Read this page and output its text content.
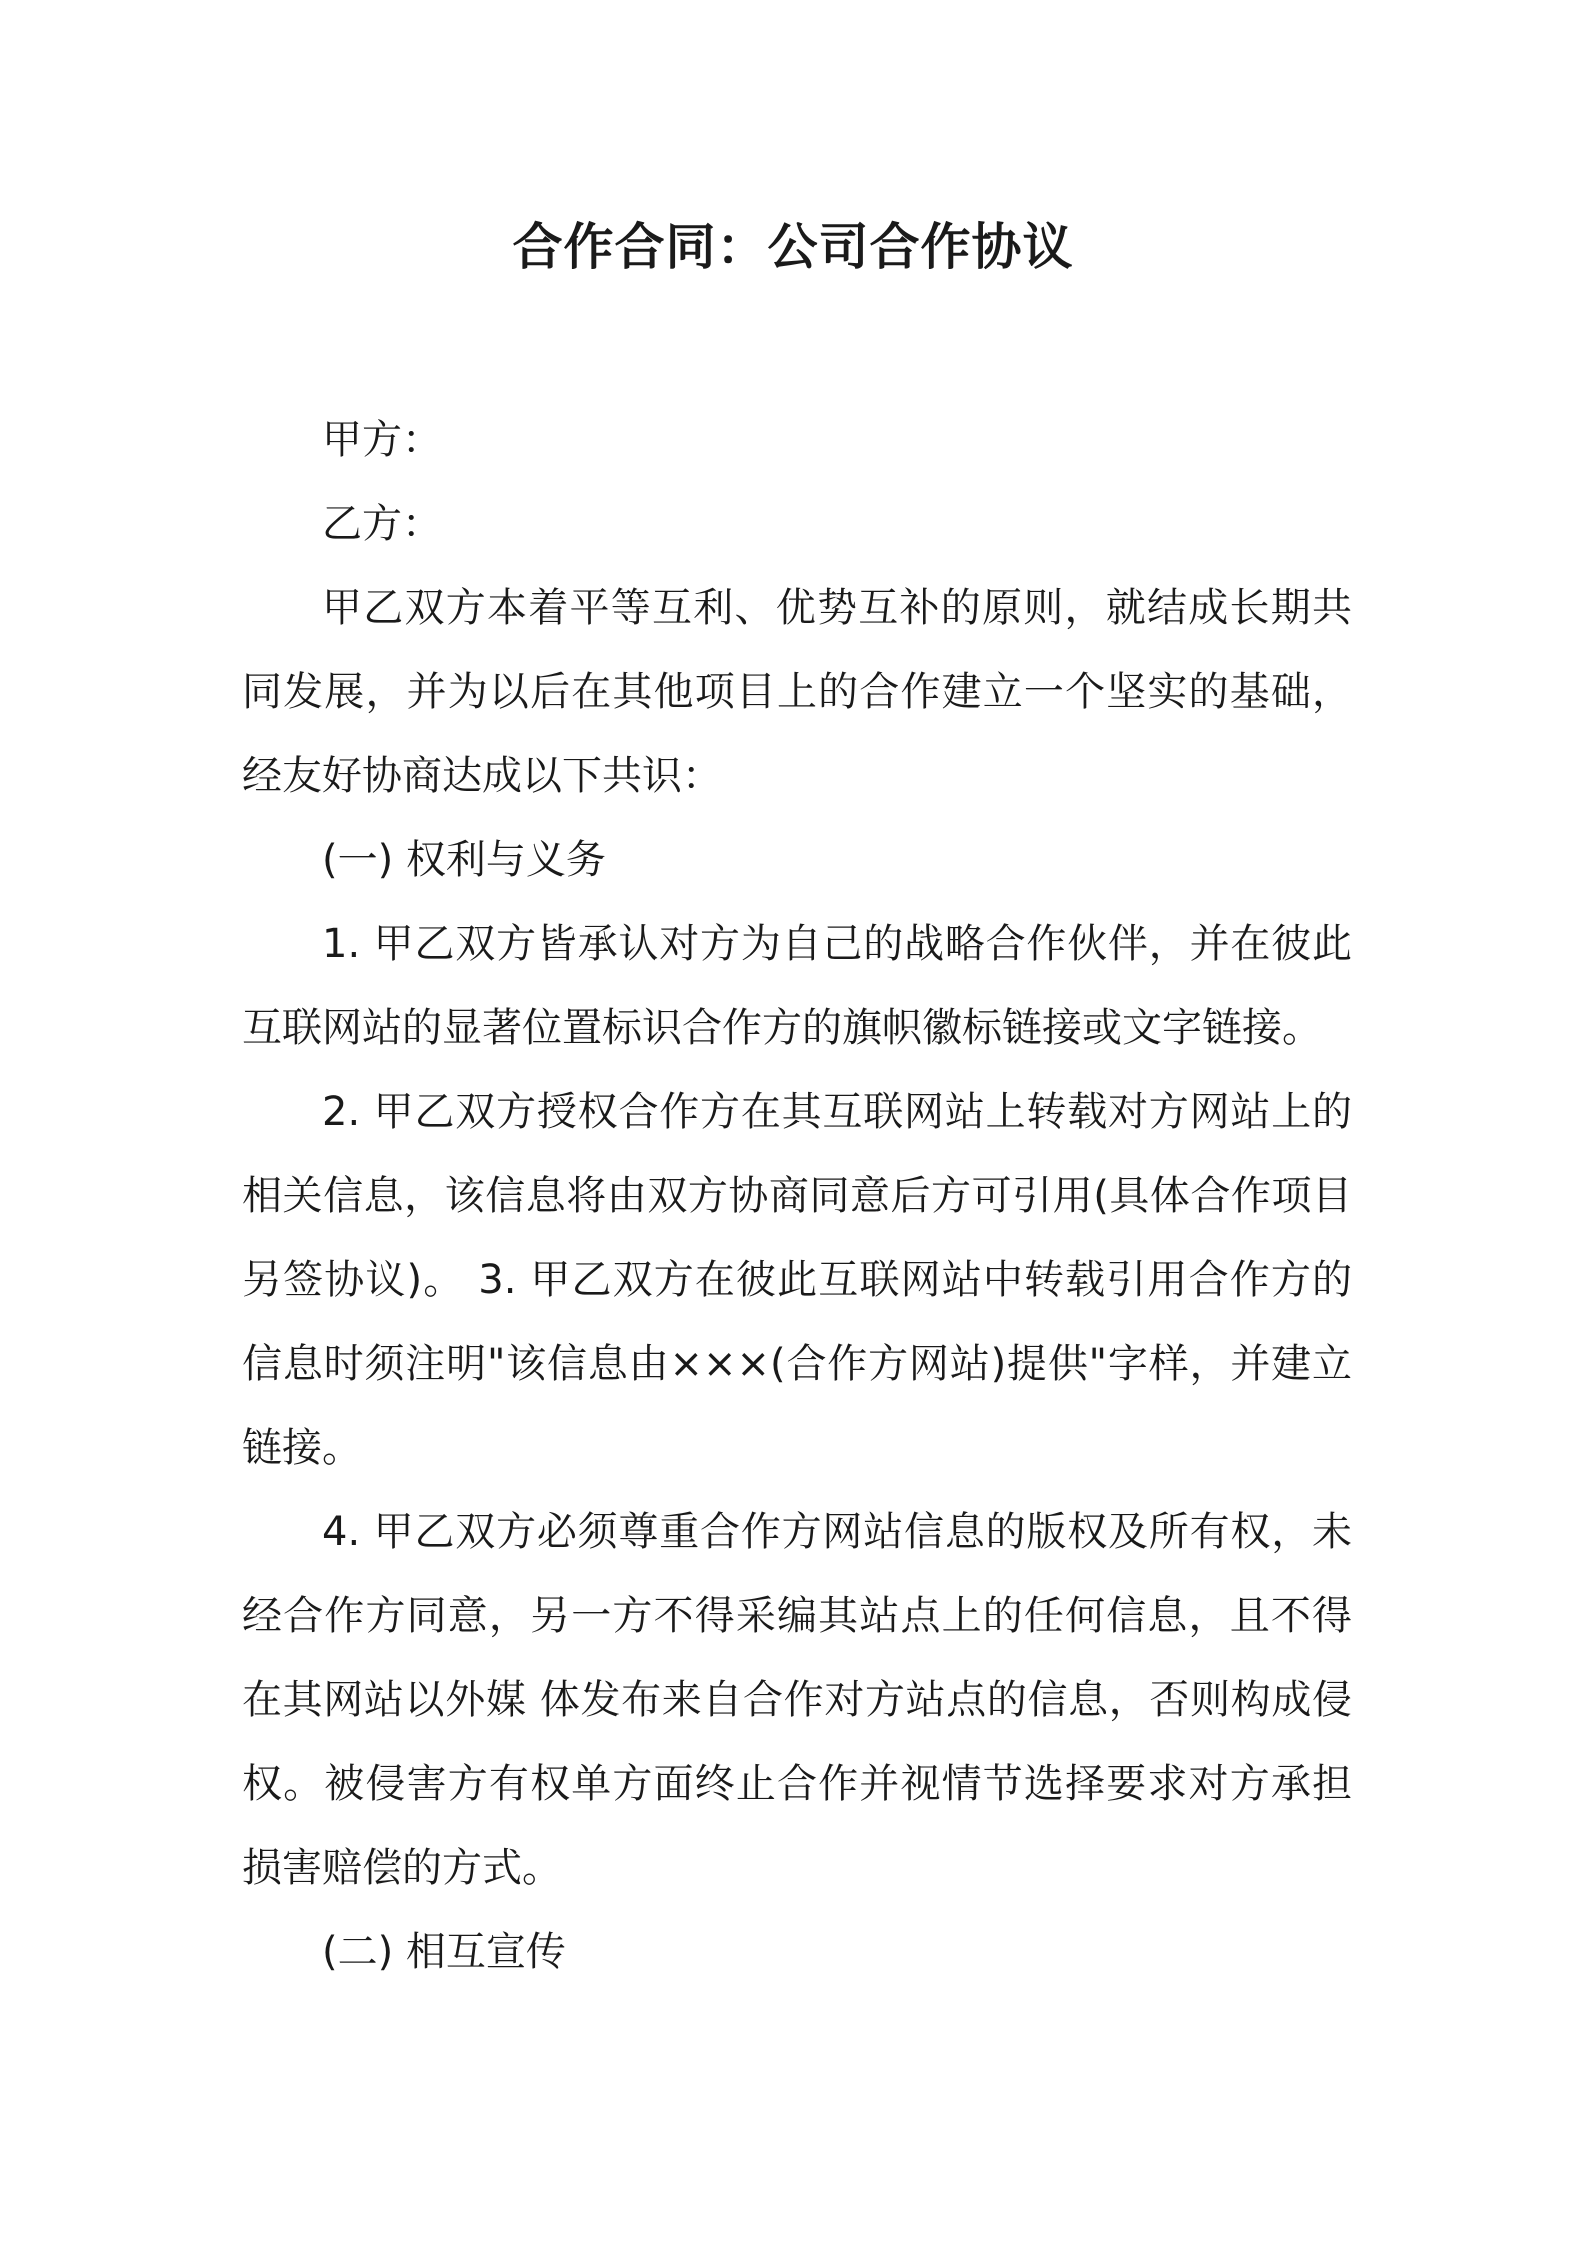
合作合同：公司合作协议

甲方：

乙方：

甲乙双方本着平等互利、优势互补的原则，就结成长期共同发展，并为以后在其他项目上的合作建立一个坚实的基础，经友好协商达成以下共识：

(一) 权利与义务

1. 甲乙双方皆承认对方为自己的战略合作伙伴，并在彼此互联网站的显著位置标识合作方的旗帜徽标链接或文字链接。

2. 甲乙双方授权合作方在其互联网站上转载对方网站上的相关信息，该信息将由双方协商同意后方可引用(具体合作项目另签协议)。 3. 甲乙双方在彼此互联网站中转载引用合作方的信息时须注明"该信息由×××(合作方网站)提供"字样，并建立链接。

4. 甲乙双方必须尊重合作方网站信息的版权及所有权，未经合作方同意，另一方不得采编其站点上的任何信息，且不得在其网站以外媒 体发布来自合作对方站点的信息，否则构成侵权。被侵害方有权单方面终止合作并视情节选择要求对方承担损害赔偿的方式。

(二) 相互宣传
